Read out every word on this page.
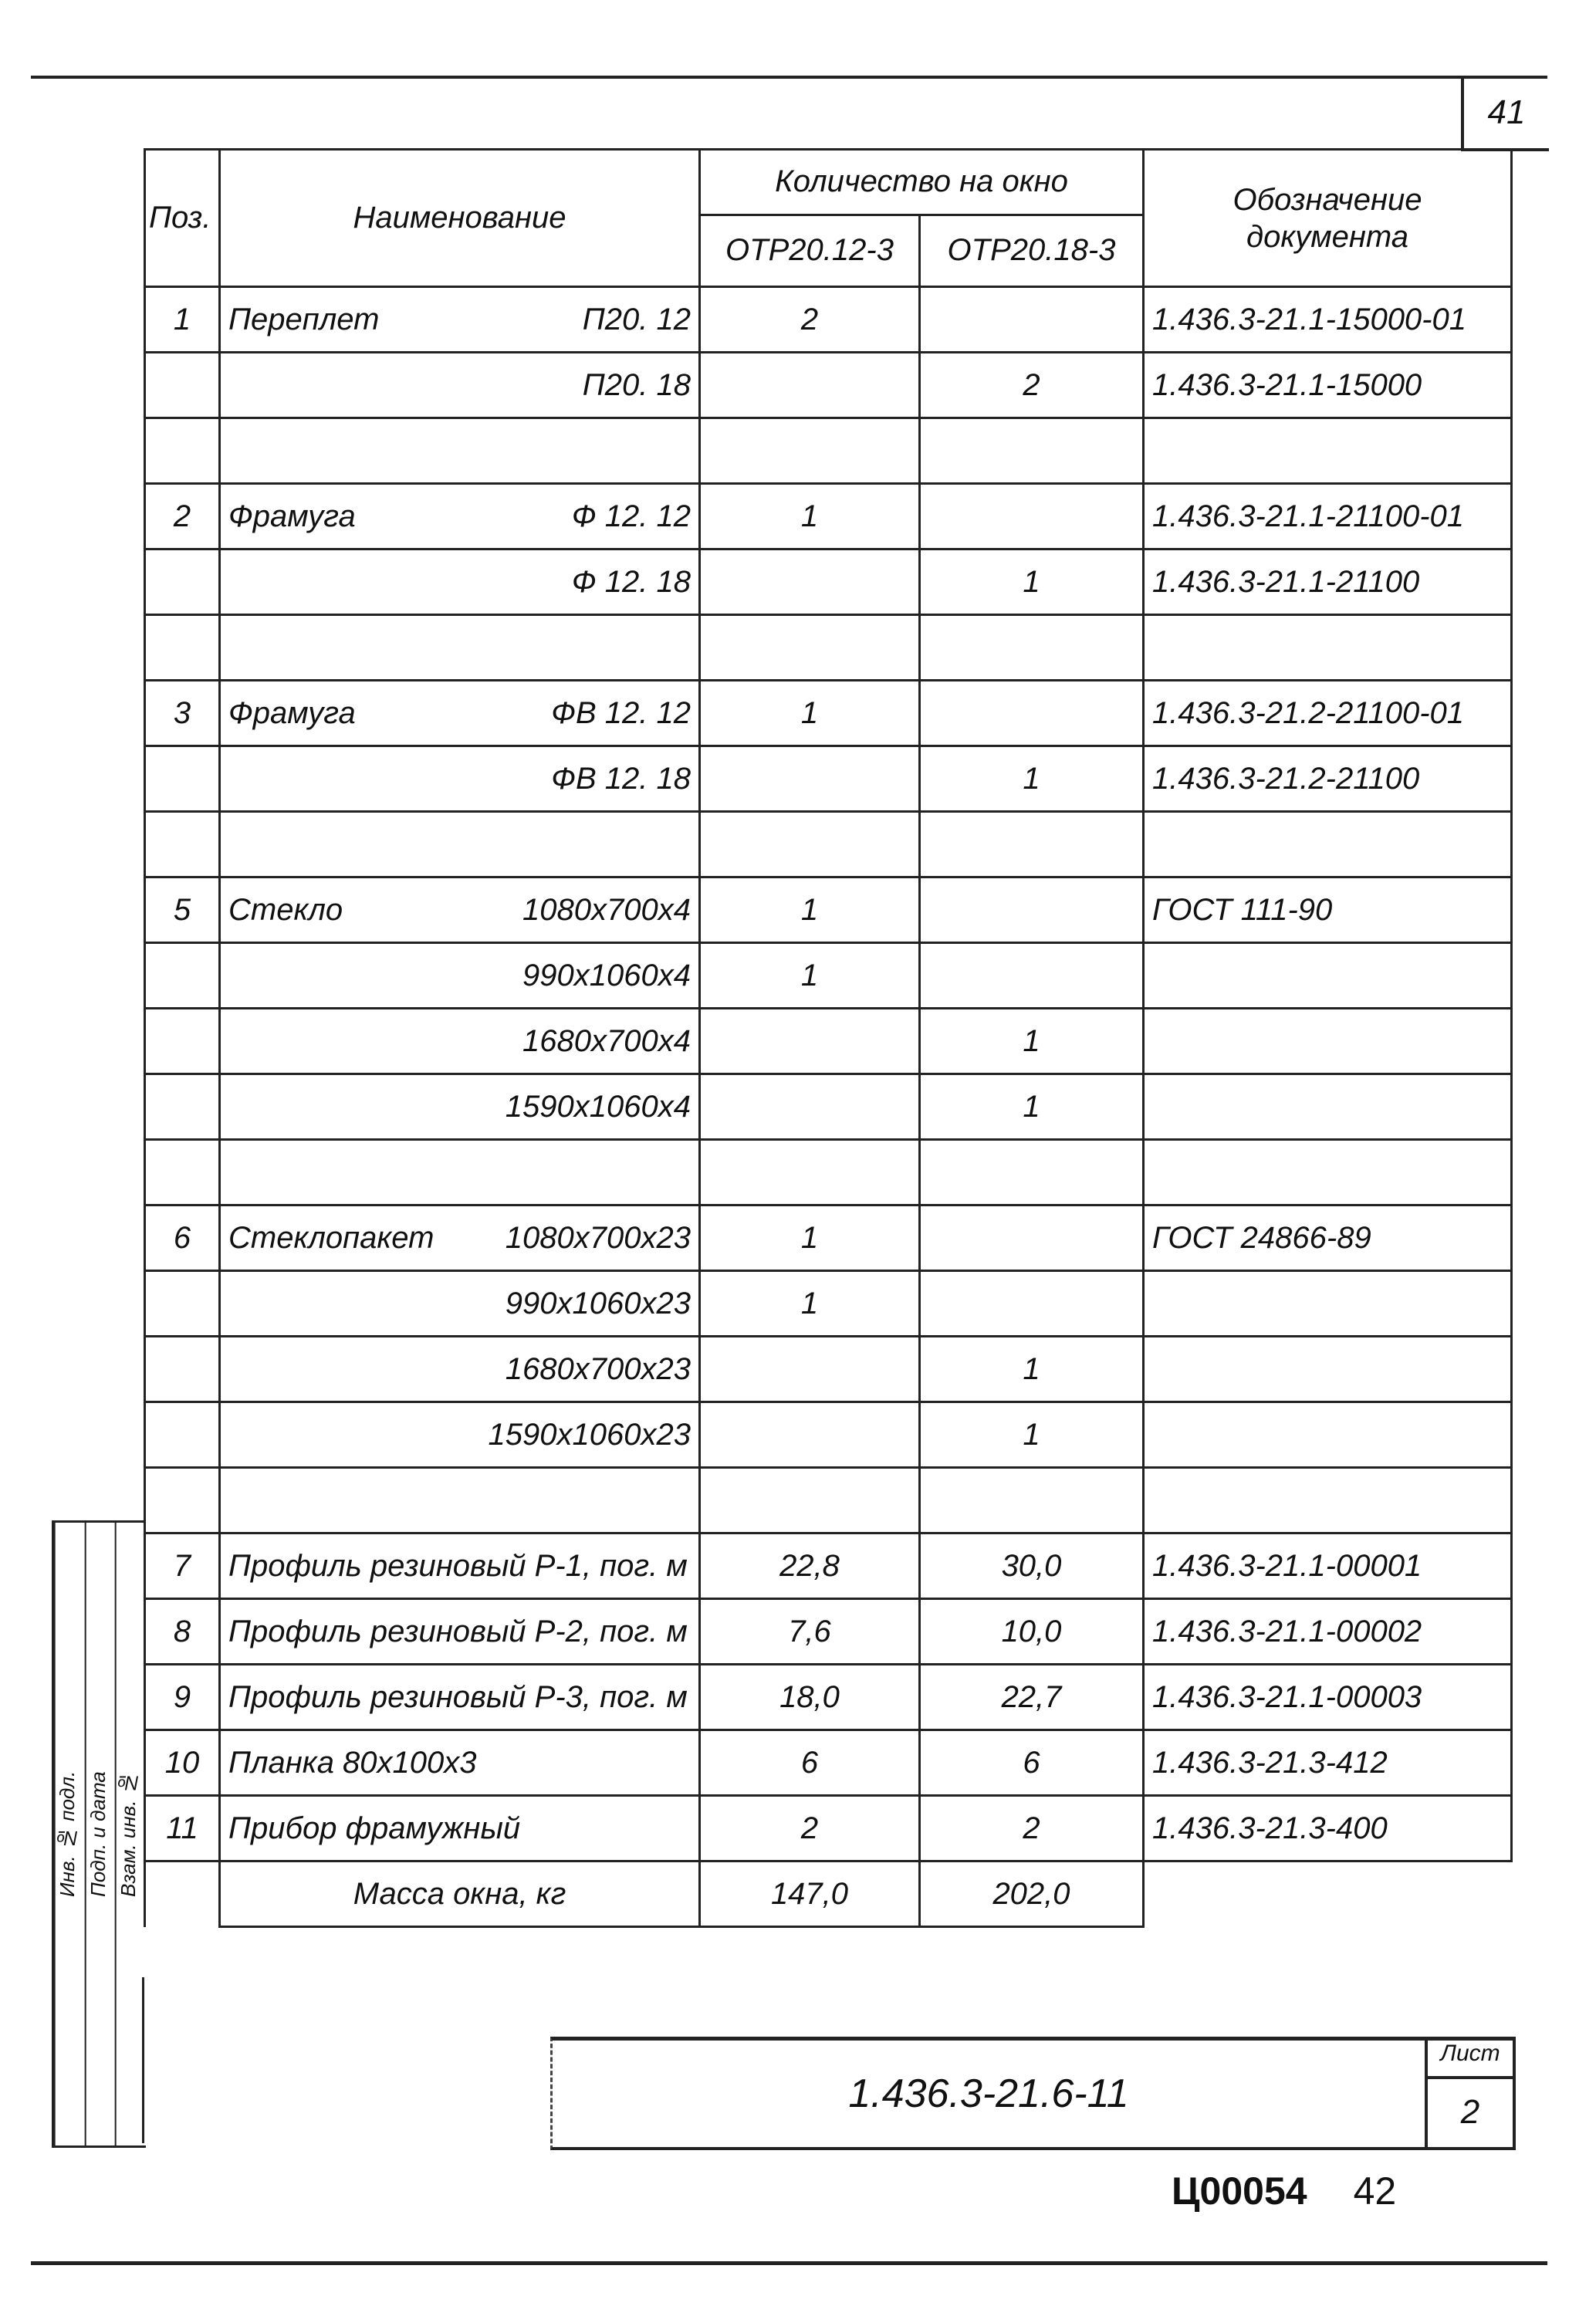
41
Поз.	Наименование	Количество на окно		Обозначение документа
		ОТР20.12-3	ОТР20.18-3	
1	Переплет П20. 12	2		1.436.3-21.1-15000-01

	П20. 18		2	1.436.3-21.1-15000

2	Фрамуга Ф 12. 12	1		1.436.3-21.1-21100-01

	Ф 12. 18		1	1.436.3-21.1-21100

3	Фрамуга ФВ 12. 12	1		1.436.3-21.2-21100-01

	ФВ 12. 18		1	1.436.3-21.2-21100

5	Стекло 1080x700x4	1		ГОСТ 111-90

	990x1060x4	1		

	1680x700x4		1	

	1590x1060x4		1	

6	Стеклопакет 1080x700x23	1		ГОСТ 24866-89

	990x1060x23	1		

	1680x700x23		1	

	1590x1060x23		1	

7	Профиль резиновый Р-1, пог. м	22,8	30,0	1.436.3-21.1-00001
8	Профиль резиновый Р-2, пог. м	7,6	10,0	1.436.3-21.1-00002
9	Профиль резиновый Р-3, пог. м	18,0	22,7	1.436.3-21.1-00003
10	Планка 80x100x3	6	6	1.436.3-21.3-412
11	Прибор фрамужный	2	2	1.436.3-21.3-400
	Масса окна, кг	147,0	202,0	
Инв. № подл. Подп. и дата Взам. инв. №
1.436.3-21.6-11
Лист
2
Ц00054 42
